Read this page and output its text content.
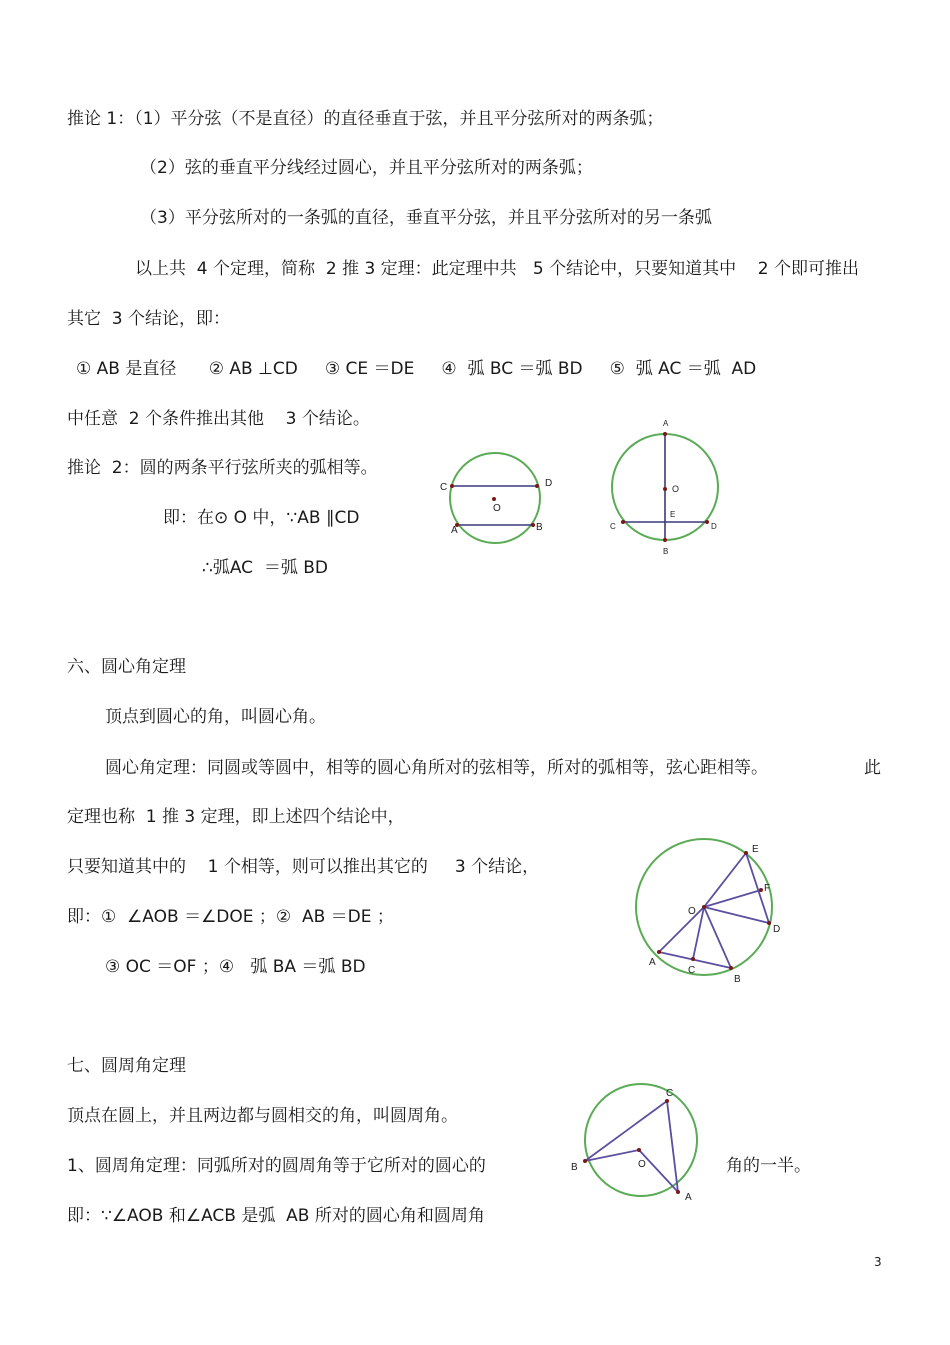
推论 1：（1）平分弦（不是直径）的直径垂直于弦，并且平分弦所对的两条弧；
（2）弦的垂直平分线经过圆心，并且平分弦所对的两条弧；
（3）平分弦所对的一条弧的直径，垂直平分弦，并且平分弦所对的另一条弧
以上共  4 个定理，简称  2 推 3 定理：此定理中共   5 个结论中，只要知道其中    2 个即可推出
其它  3 个结论，即：
① AB 是直径      ② AB ⊥CD     ③ CE ＝DE     ④  弧 BC ＝弧 BD     ⑤  弧 AC ＝弧  AD
中任意  2 个条件推出其他    3 个结论。
推论  2：圆的两条平行弦所夹的弧相等。
即：在⊙ O 中，∵AB ∥CD
∴弧AC  ＝弧 BD
六、圆心角定理
顶点到圆心的角，叫圆心角。
圆心角定理：同圆或等圆中，相等的圆心角所对的弦相等，所对的弧相等，弦心距相等。	此
定理也称  1 推 3 定理，即上述四个结论中，
只要知道其中的    1 个相等，则可以推出其它的     3 个结论，
即：①  ∠AOB ＝∠DOE ；②  AB ＝DE ；
③ OC ＝OF ；④   弧 BA ＝弧 BD
七、圆周角定理
顶点在圆上，并且两边都与圆相交的角，叫圆周角。
1、圆周角定理：同弧所对的圆周角等于它所对的圆心的	角的一半。
即：∵∠AOB 和∠ACB 是弧  AB 所对的圆心角和圆周角
3
C	D
O
A	B
A
O
E
C	D
B
E
F
O
D
A
C
B
C
B	O
A
